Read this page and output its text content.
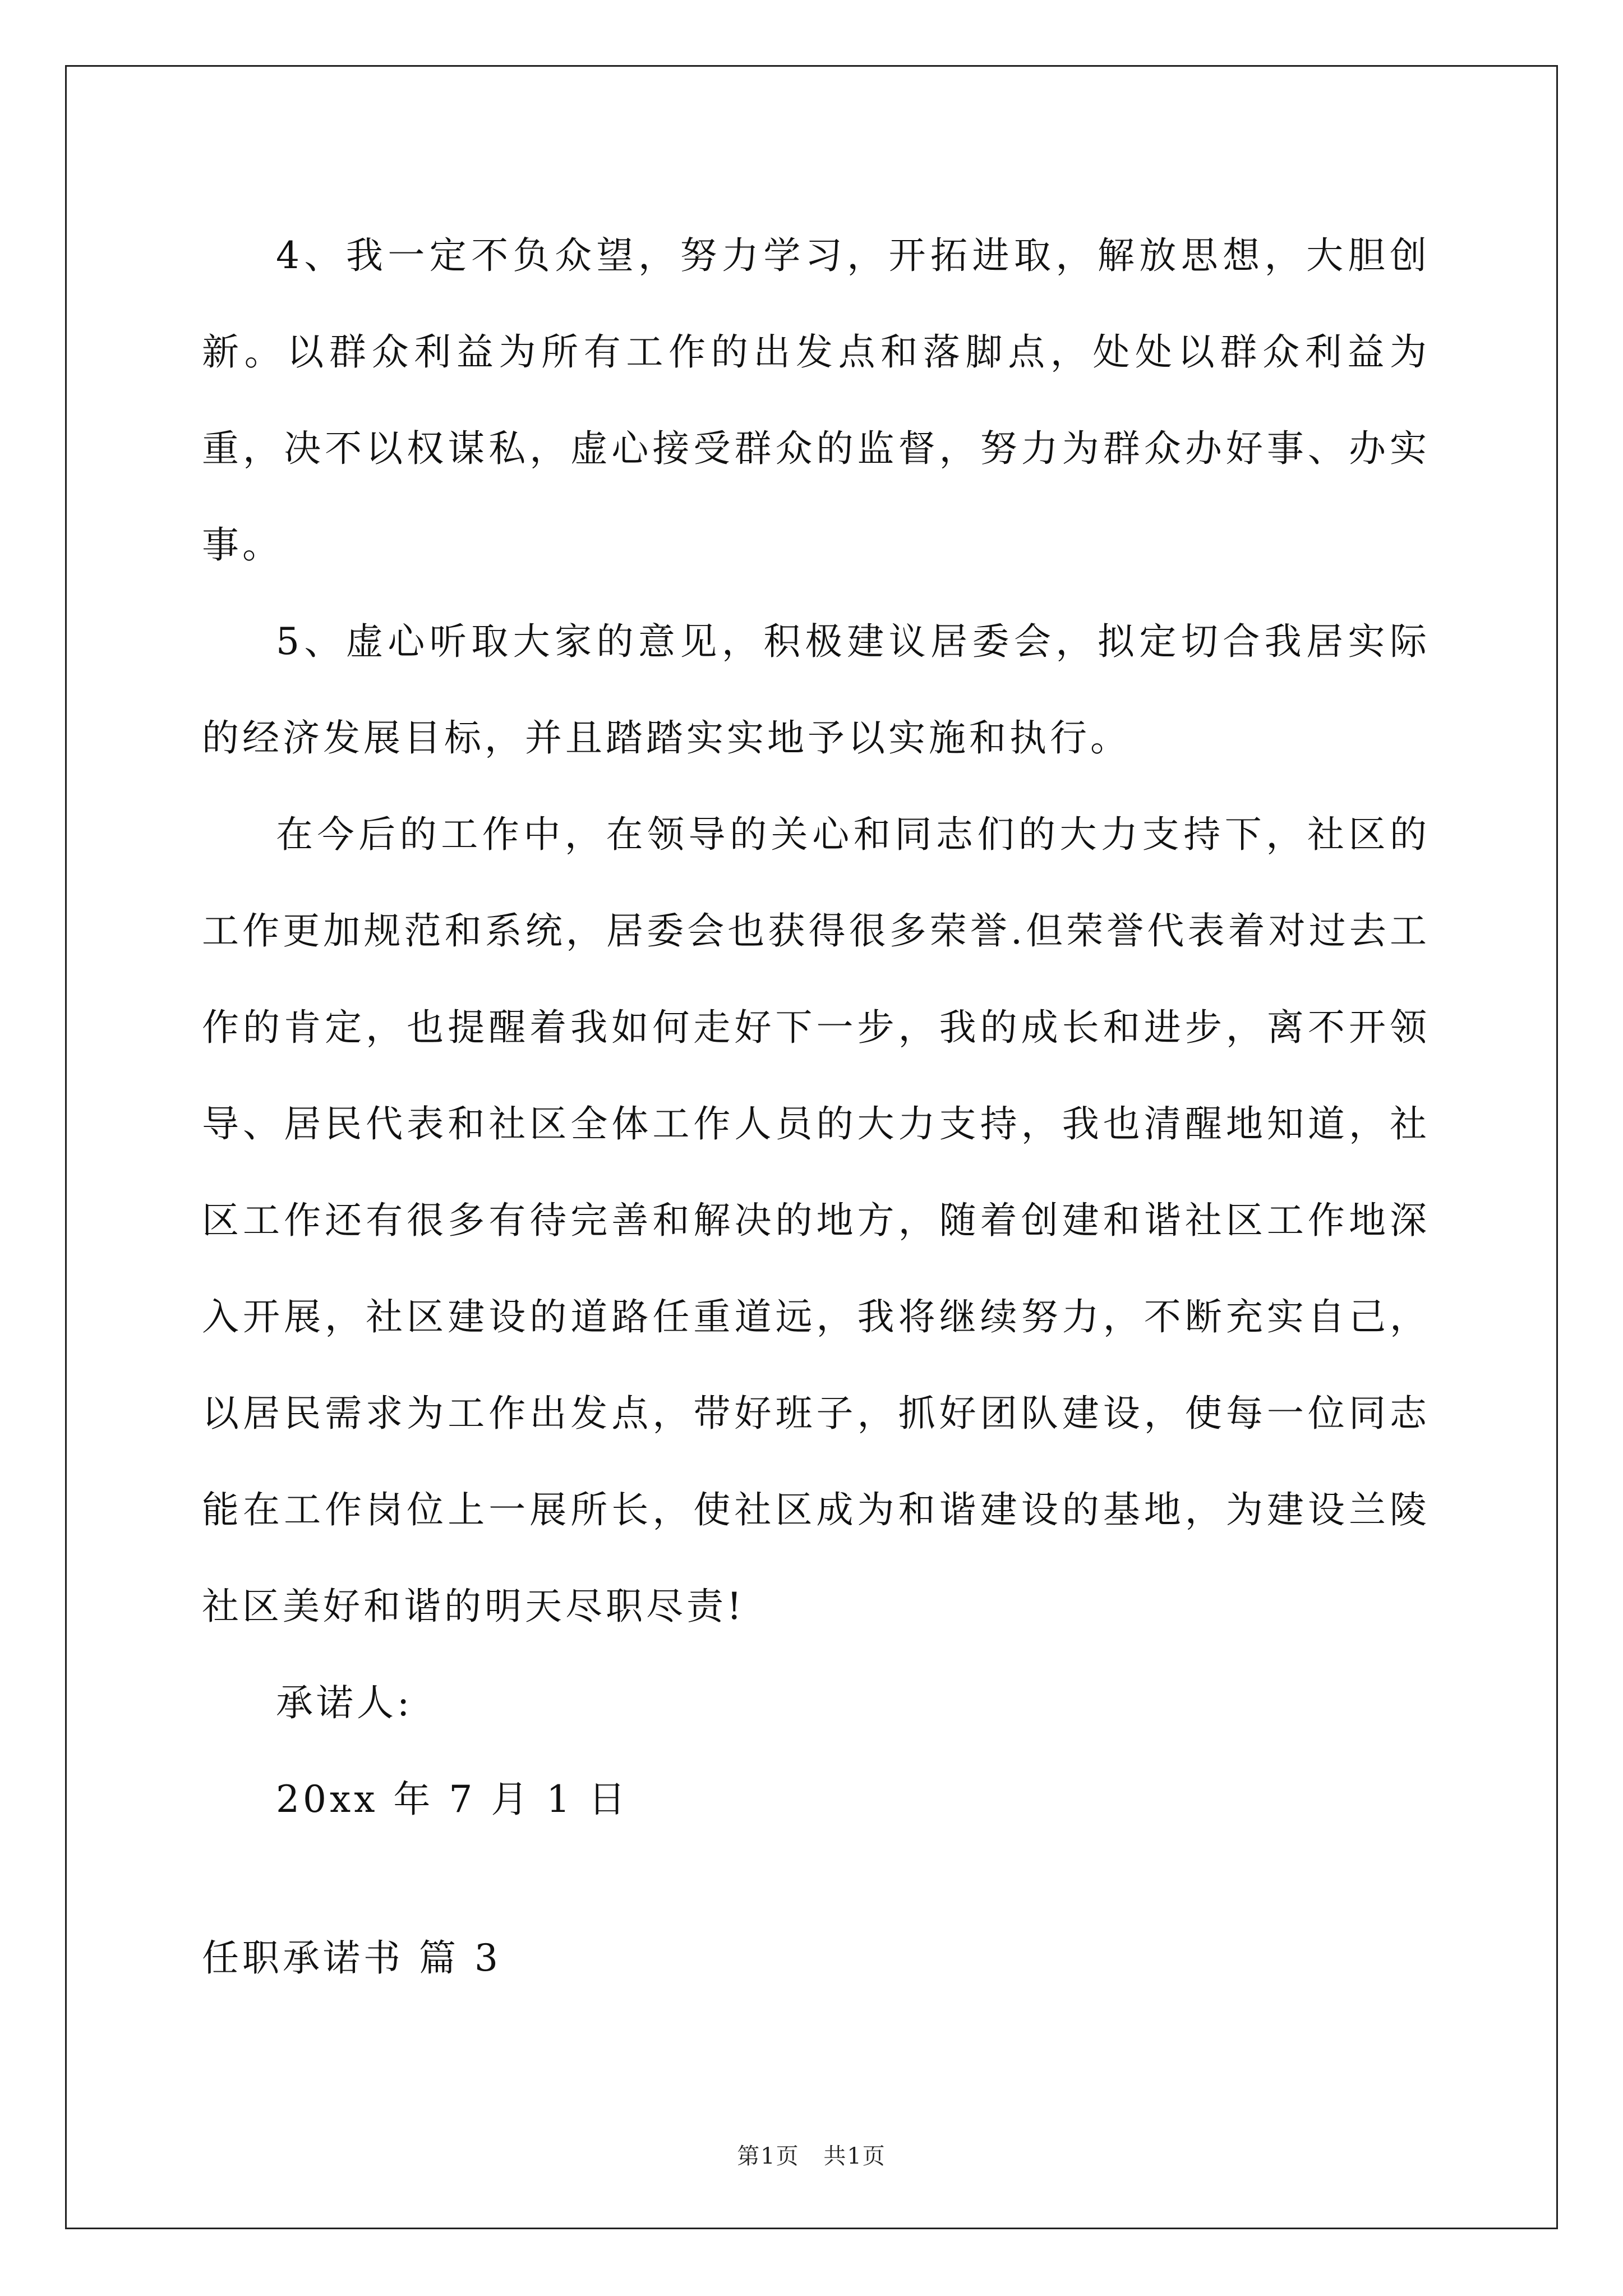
4、我一定不负众望，努力学习，开拓进取，解放思想，大胆创新。以群众利益为所有工作的出发点和落脚点，处处以群众利益为重，决不以权谋私，虚心接受群众的监督，努力为群众办好事、办实事。

5、虚心听取大家的意见，积极建议居委会，拟定切合我居实际的经济发展目标，并且踏踏实实地予以实施和执行。

在今后的工作中，在领导的关心和同志们的大力支持下，社区的工作更加规范和系统，居委会也获得很多荣誉.但荣誉代表着对过去工作的肯定，也提醒着我如何走好下一步，我的成长和进步，离不开领导、居民代表和社区全体工作人员的大力支持，我也清醒地知道，社区工作还有很多有待完善和解决的地方，随着创建和谐社区工作地深入开展，社区建设的道路任重道远，我将继续努力，不断充实自己，以居民需求为工作出发点，带好班子，抓好团队建设，使每一位同志能在工作岗位上一展所长，使社区成为和谐建设的基地，为建设兰陵社区美好和谐的明天尽职尽责!

承诺人:

20xx 年 7 月 1 日

任职承诺书 篇 3

第1页 共1页
